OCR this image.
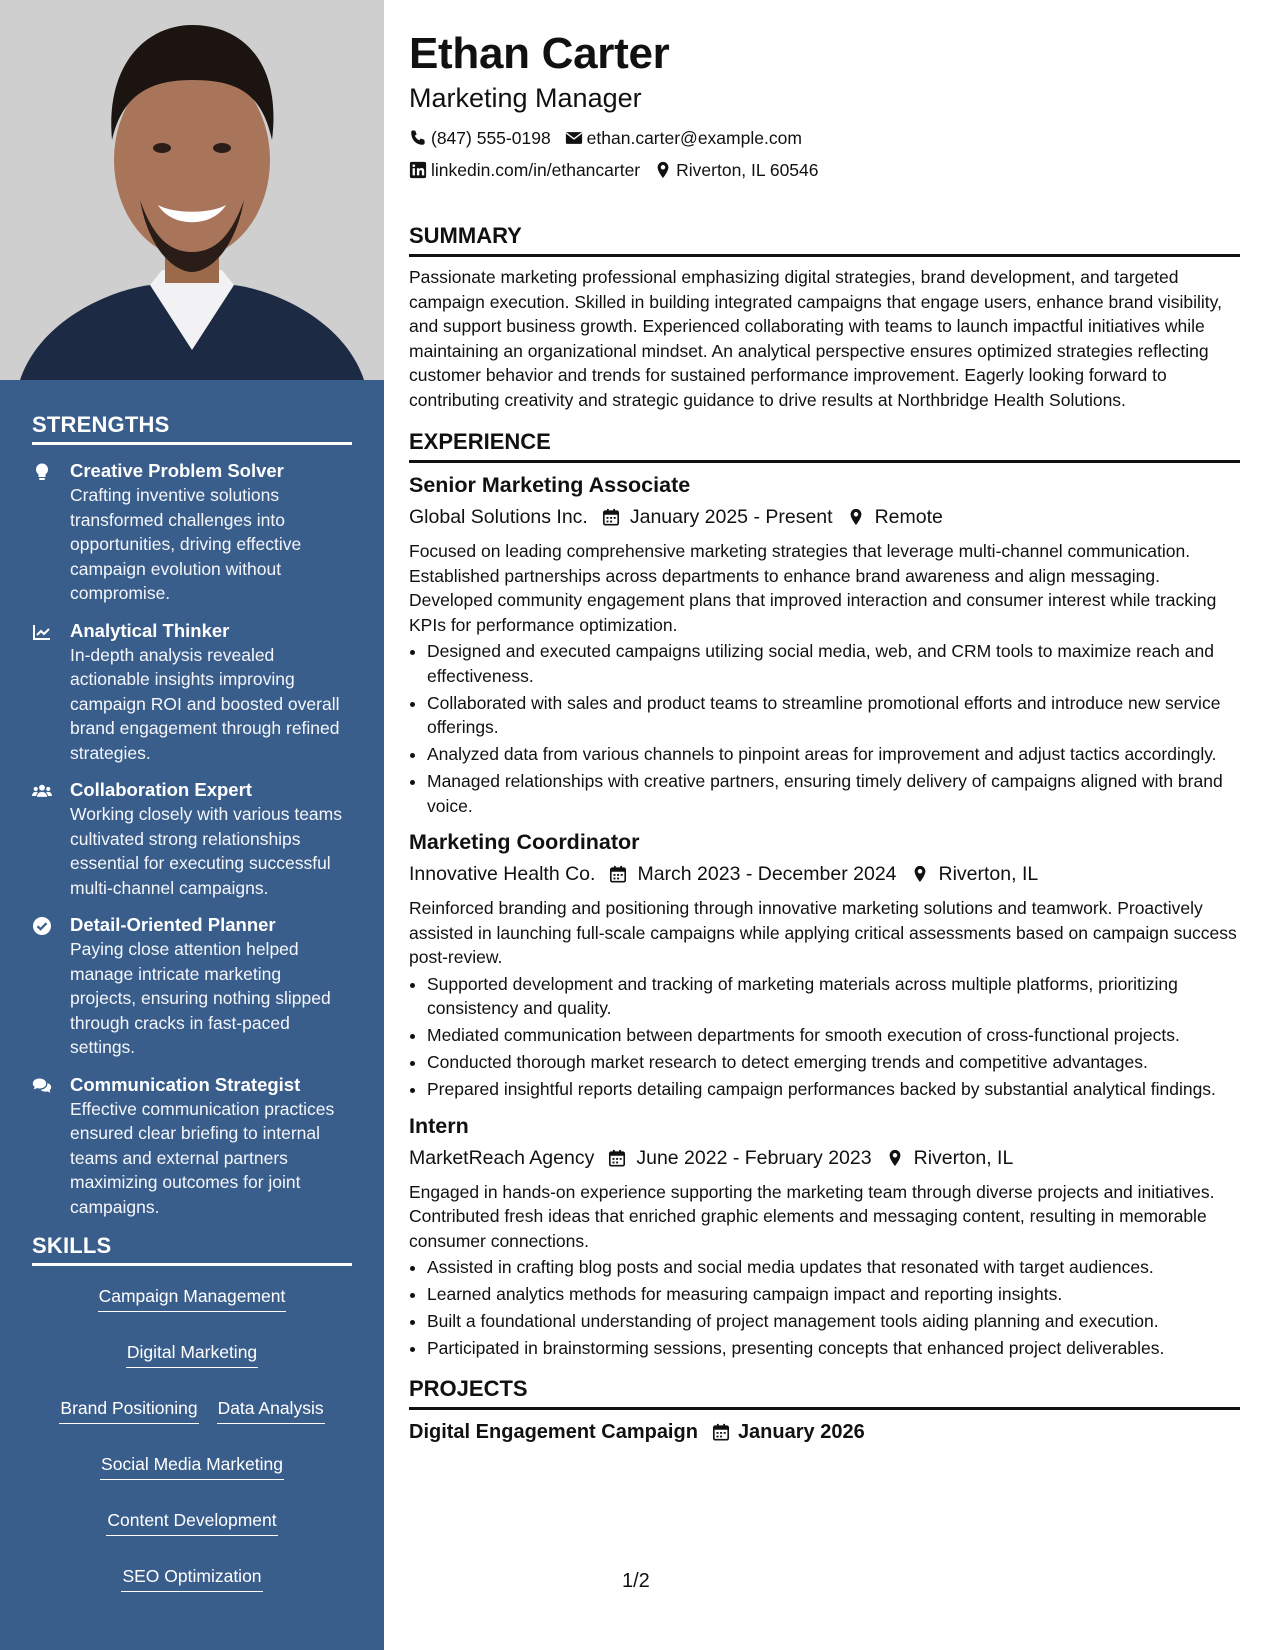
STRENGTHS
Creative Problem Solver
Crafting inventive solutions transformed challenges into opportunities, driving effective campaign evolution without compromise.
Analytical Thinker
In-depth analysis revealed actionable insights improving campaign ROI and boosted overall brand engagement through refined strategies.
Collaboration Expert
Working closely with various teams cultivated strong relationships essential for executing successful multi-channel campaigns.
Detail-Oriented Planner
Paying close attention helped manage intricate marketing projects, ensuring nothing slipped through cracks in fast-paced settings.
Communication Strategist
Effective communication practices ensured clear briefing to internal teams and external partners maximizing outcomes for joint campaigns.
SKILLS
Campaign Management
Digital Marketing
Brand Positioning Data Analysis
Social Media Marketing
Content Development
SEO Optimization
Ethan Carter
Marketing Manager
(847) 555-0198 ethan.carter@example.com
linkedin.com/in/ethancarter Riverton, IL 60546
SUMMARY

Passionate marketing professional emphasizing digital strategies, brand development, and targeted campaign execution. Skilled in building integrated campaigns that engage users, enhance brand visibility, and support business growth. Experienced collaborating with teams to launch impactful initiatives while maintaining an organizational mindset. An analytical perspective ensures optimized strategies reflecting customer behavior and trends for sustained performance improvement. Eagerly looking forward to contributing creativity and strategic guidance to drive results at Northbridge Health Solutions.

EXPERIENCE
Senior Marketing Associate
Global Solutions Inc. January 2025 - Present Remote

Focused on leading comprehensive marketing strategies that leverage multi-channel communication. Established partnerships across departments to enhance brand awareness and align messaging. Developed community engagement plans that improved interaction and consumer interest while tracking KPIs for performance optimization.

• Designed and executed campaigns utilizing social media, web, and CRM tools to maximize reach and effectiveness.
• Collaborated with sales and product teams to streamline promotional efforts and introduce new service offerings.
• Analyzed data from various channels to pinpoint areas for improvement and adjust tactics accordingly.
• Managed relationships with creative partners, ensuring timely delivery of campaigns aligned with brand voice.
Marketing Coordinator
Innovative Health Co. March 2023 - December 2024 Riverton, IL

Reinforced branding and positioning through innovative marketing solutions and teamwork. Proactively assisted in launching full-scale campaigns while applying critical assessments based on campaign success post-review.

• Supported development and tracking of marketing materials across multiple platforms, prioritizing consistency and quality.
• Mediated communication between departments for smooth execution of cross-functional projects.
• Conducted thorough market research to detect emerging trends and competitive advantages.
• Prepared insightful reports detailing campaign performances backed by substantial analytical findings.
Intern
MarketReach Agency June 2022 - February 2023 Riverton, IL

Engaged in hands-on experience supporting the marketing team through diverse projects and initiatives. Contributed fresh ideas that enriched graphic elements and messaging content, resulting in memorable consumer connections.

• Assisted in crafting blog posts and social media updates that resonated with target audiences.
• Learned analytics methods for measuring campaign impact and reporting insights.
• Built a foundational understanding of project management tools aiding planning and execution.
• Participated in brainstorming sessions, presenting concepts that enhanced project deliverables.
PROJECTS
Digital Engagement Campaign January 2026
1/2
